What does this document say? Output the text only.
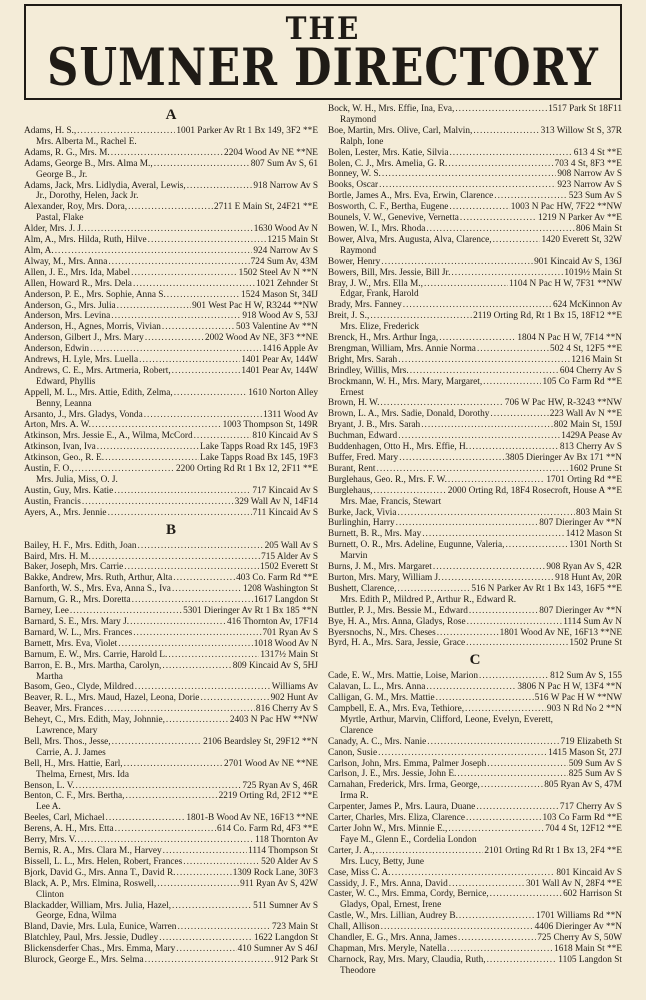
THE
SUMNER DIRECTORY
A
Adams, H. S., .....	1001 Parker Av Rt 1 Bx 149, 3F2 **E
Mrs. Alberta M., Rachel E.
Adams, R. G., Mrs. M. .....	2204 Wood Av NE **NE
Adams, George B., Mrs. Alma M., .....	807 Sum Av S, 61
George B., Jr.
Adams, Jack, Mrs. Lidlydia, Averal, Lewis, .....	918 Narrow Av S
Jr., Dorothy, Helen, Jack Jr.
Alexander, Roy, Mrs. Dora, .....	2711 E Main St, 24F21 **E
Pastal, Flake
Alder, Mrs. J. J. .....	1630 Wood Av N
Alm, A., Mrs. Hilda, Ruth, Hilve .....	1215 Main St
Alm, A. .....	924 Narrow Av S
Alway, M., Mrs. Anna .....	724 Sum Av, 43M
Allen, J. E., Mrs. Ida, Mabel .....	1502 Steel Av N **N
Allen, Howard R., Mrs. Dela .....	1021 Zehnder St
Anderson, P. E., Mrs. Sophie, Anna S. .....	1524 Mason St, 34IJ
Anderson, G., Mrs. Julia .....	901 West Pac H W, R3244 **NW
Anderson, Mrs. Levina .....	918 Wood Av S, 53J
Anderson, H., Agnes, Morris, Vivian .....	503 Valentine Av **N
Anderson, Gilbert J., Mrs. Mary .....	2002 Wood Av NE, 3F3 **NE
Anderson, Edwin .....	1416 Apple Av
Andrews, H. Lyle, Mrs. Luella .....	1401 Pear Av, 144W
Andrews, C. E., Mrs. Artmeria, Robert, .....	1401 Pear Av, 144W
Edward, Phyllis
Appell, M. L., Mrs. Attie, Edith, Zelma, .....	1610 Norton Alley
Benny, Leanna
Arsanto, J., Mrs. Gladys, Vonda .....	1311 Wood Av
Arton, Mrs. A. W. .....	1003 Thompson St, 149R
Atkinson, Mrs. Jessie E., A., Wilma, McCord .....	810 Kincaid Av S
Atkinson, Ivan, Iva .....	Lake Tapps Road Rx 145, 19F3
Atkinson, Geo., R. E. .....	Lake Tapps Road Bx 145, 19F3
Austin, F. O., .....	2200 Orting Rd Rt 1 Bx 12, 2F11 **E
Mrs. Julia, Miss, O. J.
Austin, Guy, Mrs. Katie .....	717 Kincaid Av S
Austin, Francis .....	329 Wall Av N, 14F14
Ayers, A., Mrs. Jennie .....	711 Kincaid Av S
B
Bailey, H. F., Mrs. Edith, Joan .....	205 Wall Av S
Baird, Mrs. H. M. .....	715 Alder Av S
Baker, Joseph, Mrs. Carrie .....	1502 Everett St
Bakke, Andrew, Mrs. Ruth, Arthur, Alta .....	403 Co. Farm Rd **E
Banforth, W. S., Mrs. Eva, Anna S., Iva .....	1208 Washington St
Barnum, G. R., Mrs. Doretta .....	1617 Langdon St
Barney, Lee .....	5301 Dieringer Av Rt 1 Bx 185 **N
Barnard, S. E., Mrs. Mary J. .....	416 Thornton Av, 17F14
Barnard, W. L., Mrs. Frances .....	701 Ryan Av S
Barnett, Mrs. Eva, Violet .....	1018 Wood Av N
Barnum, E. W., Mrs. Carrie, Harold L. .....	1317½ Main St
Barron, E. B., Mrs. Martha, Carolyn, .....	809 Kincaid Av S, 5HJ
Martha
Basom, Geo., Clyde, Mildred .....	Williams Av
Beaver, R. L., Mrs. Maud, Hazel, Leona, Dorie .....	902 Hunt Av
Beaver, Mrs. Frances .....	816 Cherry Av S
Beheyt, C., Mrs. Edith, May, Johnnie, .....	2403 N Pac HW **NW
Lawrence, Mary
Bell, Mrs. Thos., Jesse, .....	2106 Beardsley St, 29F12 **N
Carrie, A. J. James
Bell, H., Mrs. Hattie, Earl, .....	2701 Wood Av NE **NE
Thelma, Ernest, Mrs. Ida
Benson, L. V. .....	725 Ryan Av S, 46R
Benton, C. F., Mrs. Bertha, .....	2219 Orting Rd, 2F12 **E
Lee A.
Beeles, Carl, Michael .....	1801-B Wood Av NE, 16F13 **NE
Berens, A. H., Mrs. Etta .....	614 Co. Farm Rd, 4F3 **E
Berry, Mrs. V. .....	118 Thornton Av
Bernis, R. A., Mrs. Clara M., Harvey .....	1114 Thompson St
Bissell, L. L., Mrs. Helen, Robert, Frances .....	520 Alder Av S
Bjork, David G., Mrs. Anna T., David R. .....	1309 Rock Lane, 30F3
Black, A. P., Mrs. Elmina, Roswell, .....	911 Ryan Av S, 42W
Clinton
Blackadder, William, Mrs. Julia, Hazel, .....	511 Sumner Av S
George, Edna, Wilma
Bland, Davie, Mrs. Lula, Eunice, Warren .....	723 Main St
Blatchley, Paul, Mrs. Jessie, Dudley .....	1622 Langdon St
Blickensderfer Chas., Mrs. Emma, Mary .....	410 Sumner Av S 46J
Blurock, George E., Mrs. Selma .....	912 Park St
Bock, W. H., Mrs. Effie, Ina, Eva, .....	1517 Park St 18F11
Raymond
Boe, Martin, Mrs. Olive, Carl, Malvin, .....	313 Willow St S, 37R
Ralph, Ione
Bolen, Lester, Mrs. Katie, Silvia .....	613 4 St **E
Bolen, C. J., Mrs. Amelia, G. R. .....	703 4 St, 8F3 **E
Bonney, W. S. .....	908 Narrow Av S
Books, Oscar .....	923 Narrow Av S
Bortle, James A., Mrs. Eva, Erwin, Clarence .....	523 Sum Av S
Bosworth, C. F., Bertha, Eugene .....	1003 N Pac HW, 7F22 **NW
Bounels, V. W., Genevive, Vernetta .....	1219 N Parker Av **E
Bowen, W. I., Mrs. Rhoda .....	806 Main St
Bower, Alva, Mrs. Augusta, Alva, Clarence, .....	1420 Everett St, 32W
Raymond
Bower, Henry .....	901 Kincaid Av S, 136J
Bowers, Bill, Mrs. Jessie, Bill Jr. .....	1019½ Main St
Bray, J. W., Mrs. Ella M., .....	1104 N Pac H W, 7F31 **NW
Edgar, Frank, Harold
Brady, Mrs. Fanney .....	624 McKinnon Av
Breit, J. S., .....	2119 Orting Rd, Rt 1 Bx 15, 18F12 **E
Mrs. Elize, Frederick
Brenck, H., Mrs. Arthur Inga, .....	1804 N Pac H W, 7F14 **N
Brengman, William, Mrs. Annie Norma .....	502 4 St, 12F5 **E
Bright, Mrs. Sarah .....	1216 Main St
Brindley, Willis, Mrs. .....	604 Cherry Av S
Brockmann, W. H., Mrs. Mary, Margaret, .....	105 Co Farm Rd **E
Ernest
Brown, H. W. .....	706 W Pac HW, R-3243 **NW
Brown, L. A., Mrs. Sadie, Donald, Dorothy .....	223 Wall Av N **E
Bryant, J. B., Mrs. Sarah .....	802 Main St, 159J
Buchman, Edward .....	1429A Pease Av
Buddenhagen, Otto H., Mrs. Effie, H. .....	813 Cherry Av S
Buffer, Fred. Mary .....	3805 Dieringer Av Bx 171 **N
Burant, Rent .....	1602 Prune St
Burglehaus, Geo. R., Mrs. F. W. .....	1701 Orting Rd **E
Burglehaus, .....	2000 Orting Rd, 18F4 Rosecroft, House A **E
Mrs. Mae, Francis, Stewart
Burke, Jack, Vivia .....	803 Main St
Burlinghin, Harry .....	807 Dieringer Av **N
Burnett, B. R., Mrs. May .....	1412 Mason St
Burnett, O. R., Mrs. Adeline, Eugunne, Valeria, .....	1301 North St
Marvin
Burns, J. M., Mrs. Margaret .....	908 Ryan Av S, 42R
Burton, Mrs. Mary, William J. .....	918 Hunt Av, 20R
Bushett, Clarence, .....	516 N Parker Av Rt 1 Bx 143, 16F5 **E
Mrs. Edith P., Mildred P., Arthur R., Edward R.
Buttler, P. J., Mrs. Bessie M., Edward .....	807 Dieringer Av **N
Bye, H. A., Mrs. Anna, Gladys, Rose .....	1114 Sum Av N
Byersnochs, N., Mrs. Cheses .....	1801 Wood Av NE, 16F13 **NE
Byrd, H. A., Mrs. Sara, Jessie, Grace .....	1502 Prune St
C
Cade, E. W., Mrs. Mattie, Loise, Marion .....	812 Sum Av S, 155
Calavan, L. L., Mrs. Anna .....	3806 N Pac H W, 13F4 **N
Calligan, G. M., Mrs. Mattie .....	516 W Pac H W **NW
Campbell, E. A., Mrs. Eva, Tethiore, .....	903 N Rd No 2 **N
Myrtle, Arthur, Marvin, Clifford, Leone, Evelyn, Everett,
Clarence
Canady, A. C., Mrs. Nanie .....	719 Elizabeth St
Canon, Susie .....	1415 Mason St, 27J
Carlson, John, Mrs. Emma, Palmer Joseph .....	509 Sum Av S
Carlson, J. E., Mrs. Jessie, John E. .....	825 Sum Av S
Carnahan, Frederick, Mrs. Irma, George, .....	805 Ryan Av S, 47M
Irma R.
Carpenter, James P., Mrs. Laura, Duane .....	717 Cherry Av S
Carter, Charles, Mrs. Eliza, Clarence .....	103 Co Farm Rd **E
Carter John W., Mrs. Minnie E., .....	704 4 St, 12F12 **E
Faye M., Glenn E., Cordelia London
Carter, J. A., .....	2101 Orting Rd Rt 1 Bx 13, 2F4 **E
Mrs. Lucy, Betty, June
Case, Miss C. A. .....	801 Kincaid Av S
Cassidy, J. F., Mrs. Anna, David .....	301 Wall Av N, 28F4 **E
Caster, W. C., Mrs. Emma, Cordy, Bernice, .....	602 Harrison St
Gladys, Opal, Ernest, Irene
Castle, W., Mrs. Lillian, Audrey B. .....	1701 Williams Rd **N
Chall, Allison .....	4406 Dieringer Av **N
Chandler, E. G., Mrs. Anna, James .....	725 Cherry Av S, 50W
Chapman, Mrs. Meryle, Natella .....	1618 Main St **E
Charnock, Ray, Mrs. Mary, Claudia, Ruth, .....	1105 Langdon St
Theodore
